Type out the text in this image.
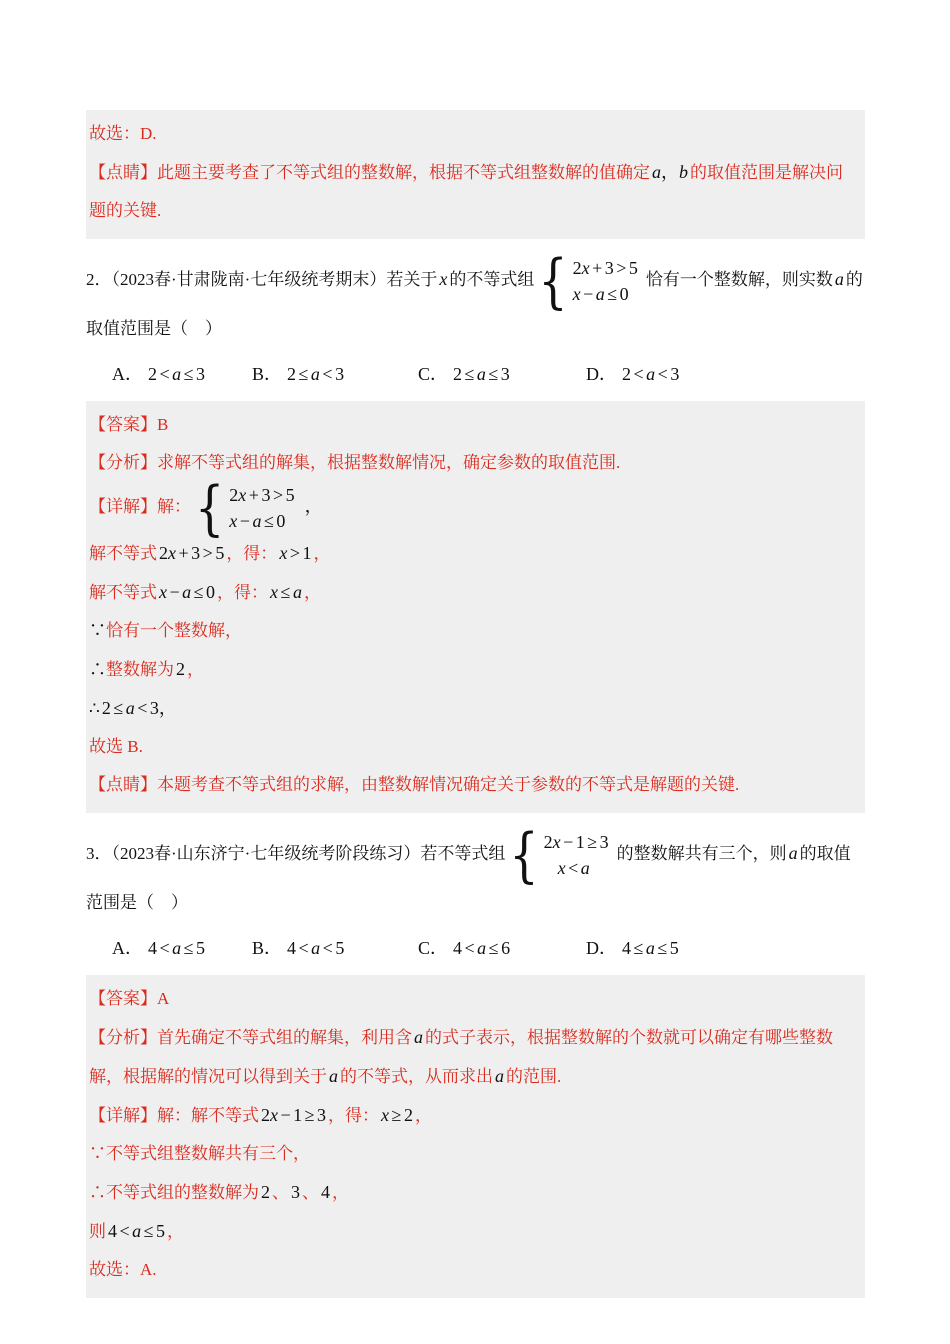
故选：D.

【点睛】此题主要考查了不等式组的整数解，根据不等式组整数解的值确定 a，b 的取值范围是解决问题的关键.

2．（2023春·甘肃陇南·七年级统考期末）若关于 x 的不等式组 { 2x + 3 > 5
x − a ≤ 0
恰有一个整数解，则实数 a 的取值范围是（　）

A． 2 < a ≤ 3	B． 2 ≤ a < 3	C． 2 ≤ a ≤ 3	D． 2 < a < 3

【答案】B

【分析】求解不等式组的解集，根据整数解情况，确定参数的取值范围.

【详解】解： { 2x + 3 > 5
x − a ≤ 0
，

解不等式 2x + 3 > 5 ，得： x > 1 ，

解不等式 x − a ≤ 0 ，得： x ≤ a ，

∵恰有一个整数解，

∴整数解为 2 ，

∴ 2 ≤ a < 3，

故选 B.

【点睛】本题考查不等式组的求解，由整数解情况确定关于参数的不等式是解题的关键.

3．（2023春·山东济宁·七年级统考阶段练习）若不等式组 { 2x − 1 ≥ 3
x < a
的整数解共有三个，则 a 的取值范围是（　）

A． 4 < a ≤ 5	B． 4 < a < 5	C． 4 < a ≤ 6	D． 4 ≤ a ≤ 5

【答案】A

【分析】首先确定不等式组的解集，利用含 a 的式子表示，根据整数解的个数就可以确定有哪些整数解，根据解的情况可以得到关于 a 的不等式，从而求出 a 的范围.

【详解】解：解不等式 2x − 1 ≥ 3 ，得： x ≥ 2 ，

∵不等式组整数解共有三个，

∴不等式组的整数解为 2 、 3 、 4 ，

则 4 < a ≤ 5 ，

故选：A.
